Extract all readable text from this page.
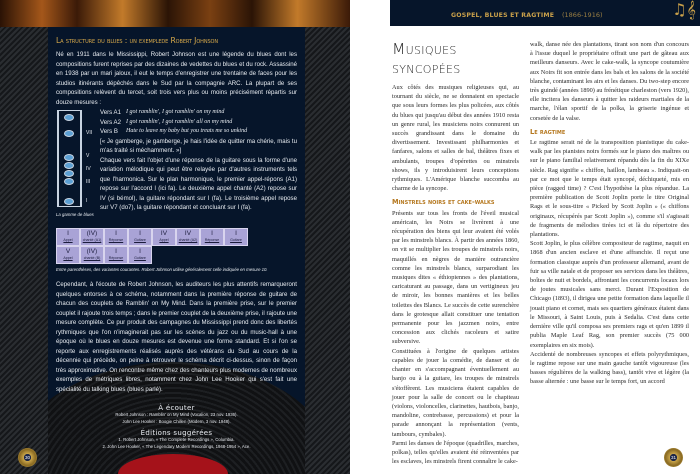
La structure du blues : un exemplede Robert Johnson
Né en 1911 dans le Mississippi, Robert Johnson est une légende du blues dont les compositions furent reprises par des dizaines de vedettes du blues et du rock. Assassiné en 1938 par un mari jaloux, il eut le temps d'enregistrer une trentaine de faces pour les studios itinérants dépêchés dans le Sud par la compagnie ARC. La plupart de ses compositions relèvent du tercet, soit trois vers plus ou moins précisément répartis sur douze mesures :
VII
V
IV
III
I
La gamme de blues
Vers A1 I got ramblin', I got ramblin' on my mind
Vers A2 I got ramblin', I got ramblin' all on my mind
Vers B	Hate to leave my baby but you treats me so unkind
[« Je gamberge, je gamberge, je hais l'idée de quitter ma chérie, mais tu m'as traité si méchamment. »]
Chaque vers fait l'objet d'une réponse de la guitare sous la forme d'une variation mélodique qui peut être relayée par d'autres instruments tels que l'harmonica. Sur le plan harmonique, le premier appel-répons (A1) repose sur l'accord I (ici fa). Le deuxième appel chanté (A2) repose sur IV (si bémol), la guitare répondant sur I (fa). Le troisième appel repose sur V7 (do7), la guitare répondant et concluant sur I (fa).
I
Appel
(IV)
chanté (A1)
I
Réponse
I
Guitare
IV
Appel
IV
chanté (A2)
I
Réponse
I
Guitare
V
Appel
(IV)
chanté (B)
I
Réponse
I
Guitare
Entre parenthèses, des variantes courantes. Robert Johnson utilise généralement celle indiquée en mesure 10.
Cependant, à l'écoute de Robert Johnson, les auditeurs les plus attentifs remarqueront quelques entorses à ce schéma, notamment dans la première réponse de guitare de chacun des couplets de Ramblin' on My Mind. Dans la première prise, sur le premier couplet il rajoute trois temps ; dans le premier couplet de la deuxième prise, il rajoute une mesure complète. Ce pur produit des campagnes du Mississippi prend donc des libertés rythmiques que l'on n'imaginerait pas sur les scènes du jazz ou du music-hall à une époque où le blues en douze mesures est devenue une forme standard. Et si l'on se reporte aux enregistrements réalisés auprès des vétérans du Sud au cours de la décennie qui précède, on peine à retrouver le schéma décrit ci-dessus, sinon de façon très approximative. On rencontre même chez des chanteurs plus modernes de nombreux exemples de métriques libres, notamment chez John Lee Hooker qui s'est fait une spécialité du talking blues (blues parlé).
À écouter
Robert Johnson : Ramblin' on My Mind (Vocalion, 23 nov. 1936).
John Lee Hooker : Boogie Chillen (Modern, 3 nov. 1948).
Éditions suggérées
1. Robert Johnson, « The Complete Recordings », Columbia.
2. John Lee Hooker, « The Legendary Modern Recordings, 1948-1954 », Ace.
30
GOSPEL, BLUES ET RAGTIME (1866-1916)	♫𝄞
Musiques
syncopées

Aux côtés des musiques religieuses qui, au tournant du siècle, ne se donnaient en spectacle que sous leurs formes les plus policées, aux côtés du blues qui jusqu'au début des années 1910 resta un genre rural, les musiciens noirs connurent un succès grandissant dans le domaine du divertissement. Investissant philharmonies et fanfares, salons et salles de bal, théâtres fixes et ambulants, troupes d'opérettes ou minstrels shows, ils y introduisirent leurs conceptions rythmiques. L'Amérique blanche succomba au charme de la syncope.

Minstrels noirs et cake-walks

Présents sur tous les fronts de l'éveil musical américain, les Noirs se livrèrent à une récupération des biens qui leur avaient été volés par les minstrels blancs. À partir des années 1860, on vit se multiplier les troupes de minstrels noirs, maquillés en nègres de manière outrancière comme les minstrels blancs, surparodiant les musiques dites « éthiopiennes » des plantations, caricaturant au passage, dans un vertigineux jeu de miroir, les bonnes manières et les belles toilettes des Blancs. Le succès de cette surenchère dans le grotesque allait constituer une tentation permanente pour les jazzmen noirs, entre concession aux clichés racoleurs et satire subversive.

Constituées à l'origine de quelques artistes capables de jouer la comédie, de danser et de chanter en s'accompagnant éventuellement au banjo ou à la guitare, les troupes de minstrels s'étoffèrent. Les musiciens étaient capables de jouer pour la salle de concert ou le chapiteau (violons, violoncelles, clarinettes, hautbois, banjo, mandoline, contrebasse, percussions) et pour la parade annonçant la représentation (vents, tambours, cymbales).

Parmi les danses de l'époque (quadrilles, marches, polkas), telles qu'elles avaient été réinventées par les esclaves, les minstrels firent connaître le cake-

walk, danse née des plantations, tirant son nom d'un concours à l'issue duquel le propriétaire offrait une part de gâteau aux meilleurs danseurs. Avec le cake-walk, la syncope coutumière aux Noirs fit son entrée dans les bals et les salons de la société blanche, contaminant les airs et les danses. Du two-step encore très guindé (années 1890) au frénétique charleston (vers 1920), elle incitera les danseurs à quitter les raideurs martiales de la marche, l'élan sportif de la polka, la griserie ingénue et corsetée de la valse.

Le ragtime

Le ragtime serait né de la transposition pianistique du cake-walk par les pianistes noirs formés sur le piano des maîtres ou sur le piano familial relativement répandu dès la fin du XIXe siècle. Rag signifie « chiffon, haillon, lambeau ». Indiquait-on par ce mot que le temps était syncopé, déchiqueté, mis en pièce (ragged time) ? C'est l'hypothèse la plus répandue. La première publication de Scott Joplin porte le titre Original Rags et le sous-titre « Picked by Scott Joplin » (« chiffons originaux, récupérés par Scott Joplin »), comme s'il s'agissait de fragments de mélodies tirées ici et là du répertoire des plantations.

Scott Joplin, le plus célèbre compositeur de ragtime, naquit en 1868 d'un ancien esclave et d'une affranchie. Il reçut une formation classique auprès d'un professeur allemand, avant de fuir sa ville natale et de proposer ses services dans les théâtres, boîtes de nuit et bordels, affrontant les concurrents locaux lors de joutes musicales sans merci. Durant l'Exposition de Chicago (1893), il dirigea une petite formation dans laquelle il jouait piano et cornet, mais ses quartiers généraux étaient dans le Missouri, à Saint Louis, puis à Sedalia. C'est dans cette dernière ville qu'il composa ses premiers rags et qu'en 1899 il publia Maple Leaf Rag, son premier succès (75 000 exemplaires en six mois).

Accidenté de nombreuses syncopes et effets polyrythmiques, le ragtime repose sur une main gauche tantôt vigoureuse (les basses régulières de la walking bass), tantôt vive et légère (la basse alternée : une basse sur le temps fort, un accord

31
